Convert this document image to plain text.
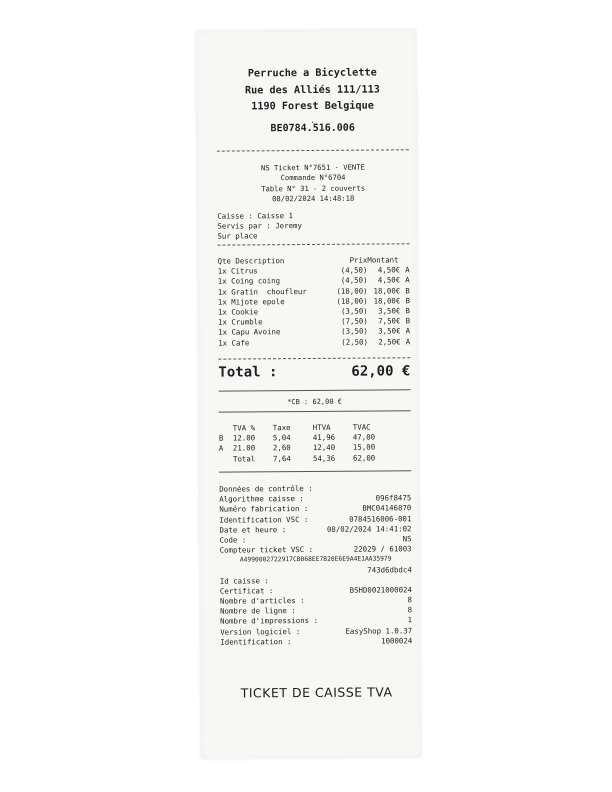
Perruche a Bicyclette
Rue des Alliés 111/113
1190 Forest Belgique
.
BE0784.516.006
NS Ticket N°7651 - VENTE
Commande N°6704
Table N° 31 - 2 couverts
08/02/2024 14:48:18
Caisse : Caisse 1
Servis par : Jeremy
Sur place
Qte Description	Prix Montant
1x Citrus	(4,50)	4,50€ A
1x Coing coing	(4,50)	4,50€ A
1x Gratin  choufleur	(18,00) 18,00€ B
1x Mijote epole	(18,00) 18,00€ B
1x Cookie	(3,50)	3,50€ B
1x Crumble	(7,50)	7,50€ B
1x Capu Avoine	(3,50)	3,50€ A
1x Cafe	(2,50)	2,50€ A
Total :	62,00 €
*CB : 62,00 €
TVA %	Taxe	HTVA	TVAC
B	12.00	5,04	41,96	47,00
A	21.00	2,60	12,40	15,00
Total	7,64	54,36	62,00
Données de contrôle :
Algorithme caisse :	096f8475
Numéro fabrication :	BMC04146870
Identification VSC :	0784516006-001
Date et heure :	08/02/2024 14:41:02
Code :	NS
Compteur ticket VSC :	22029 / 61003
A4990002722917CB068EE7B20E6E9A4E1AA35979
743d6dbdc4
Id caisse :
Certificat :	BSHD0021000024
Nombre d'articles :	8
Nombre de ligne :	8
Nombre d'impressions :	1
Version logiciel :	EasyShop 1.0.37
Identification :	1000024
TICKET DE CAISSE TVA
